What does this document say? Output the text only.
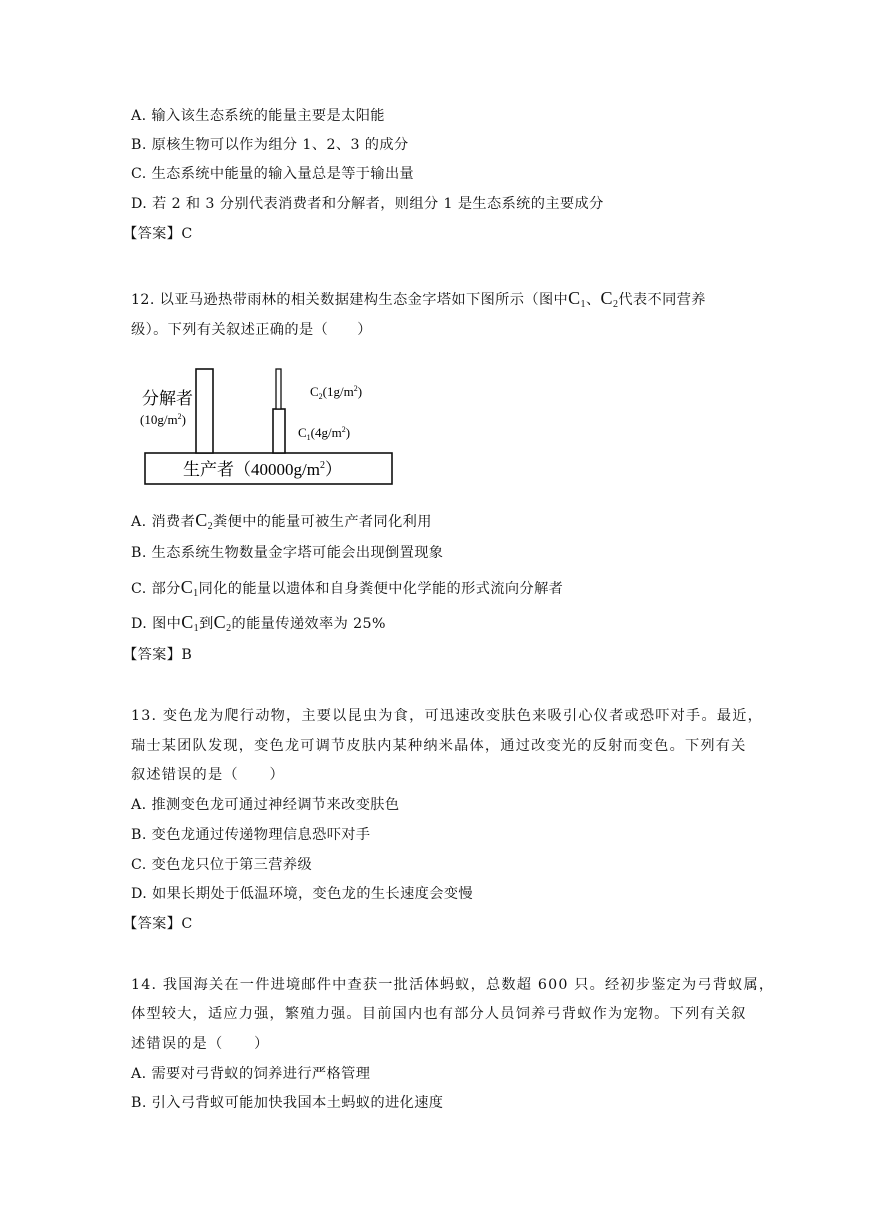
A. 输入该生态系统的能量主要是太阳能
B. 原核生物可以作为组分 1、2、3 的成分
C. 生态系统中能量的输入量总是等于输出量
D. 若 2 和 3 分别代表消费者和分解者，则组分 1 是生态系统的主要成分
【答案】C
12. 以亚马逊热带雨林的相关数据建构生态金字塔如下图所示（图中$C_1$、$C_2$代表不同营养
级）。下列有关叙述正确的是（　　）
生产者$(40000g/m^2)$
分解者
$(10g/m^2)$
$C_2(1g/m^2)$
$C_1(4g/m^2)$
A. 消费者$C_2$粪便中的能量可被生产者同化利用
B. 生态系统生物数量金字塔可能会出现倒置现象
C. 部分$C_1$同化的能量以遗体和自身粪便中化学能的形式流向分解者
D. 图中$C_1$到$C_2$的能量传递效率为 25%
【答案】B
13. 变色龙为爬行动物，主要以昆虫为食，可迅速改变肤色来吸引心仪者或恐吓对手。最近，
瑞士某团队发现，变色龙可调节皮肤内某种纳米晶体，通过改变光的反射而变色。下列有关
叙述错误的是（　　）
A. 推测变色龙可通过神经调节来改变肤色
B. 变色龙通过传递物理信息恐吓对手
C. 变色龙只位于第三营养级
D. 如果长期处于低温环境，变色龙的生长速度会变慢
【答案】C
14. 我国海关在一件进境邮件中查获一批活体蚂蚁，总数超 600 只。经初步鉴定为弓背蚁属，
体型较大，适应力强，繁殖力强。目前国内也有部分人员饲养弓背蚁作为宠物。下列有关叙
述错误的是（　　）
A. 需要对弓背蚁的饲养进行严格管理
B. 引入弓背蚁可能加快我国本土蚂蚁的进化速度
